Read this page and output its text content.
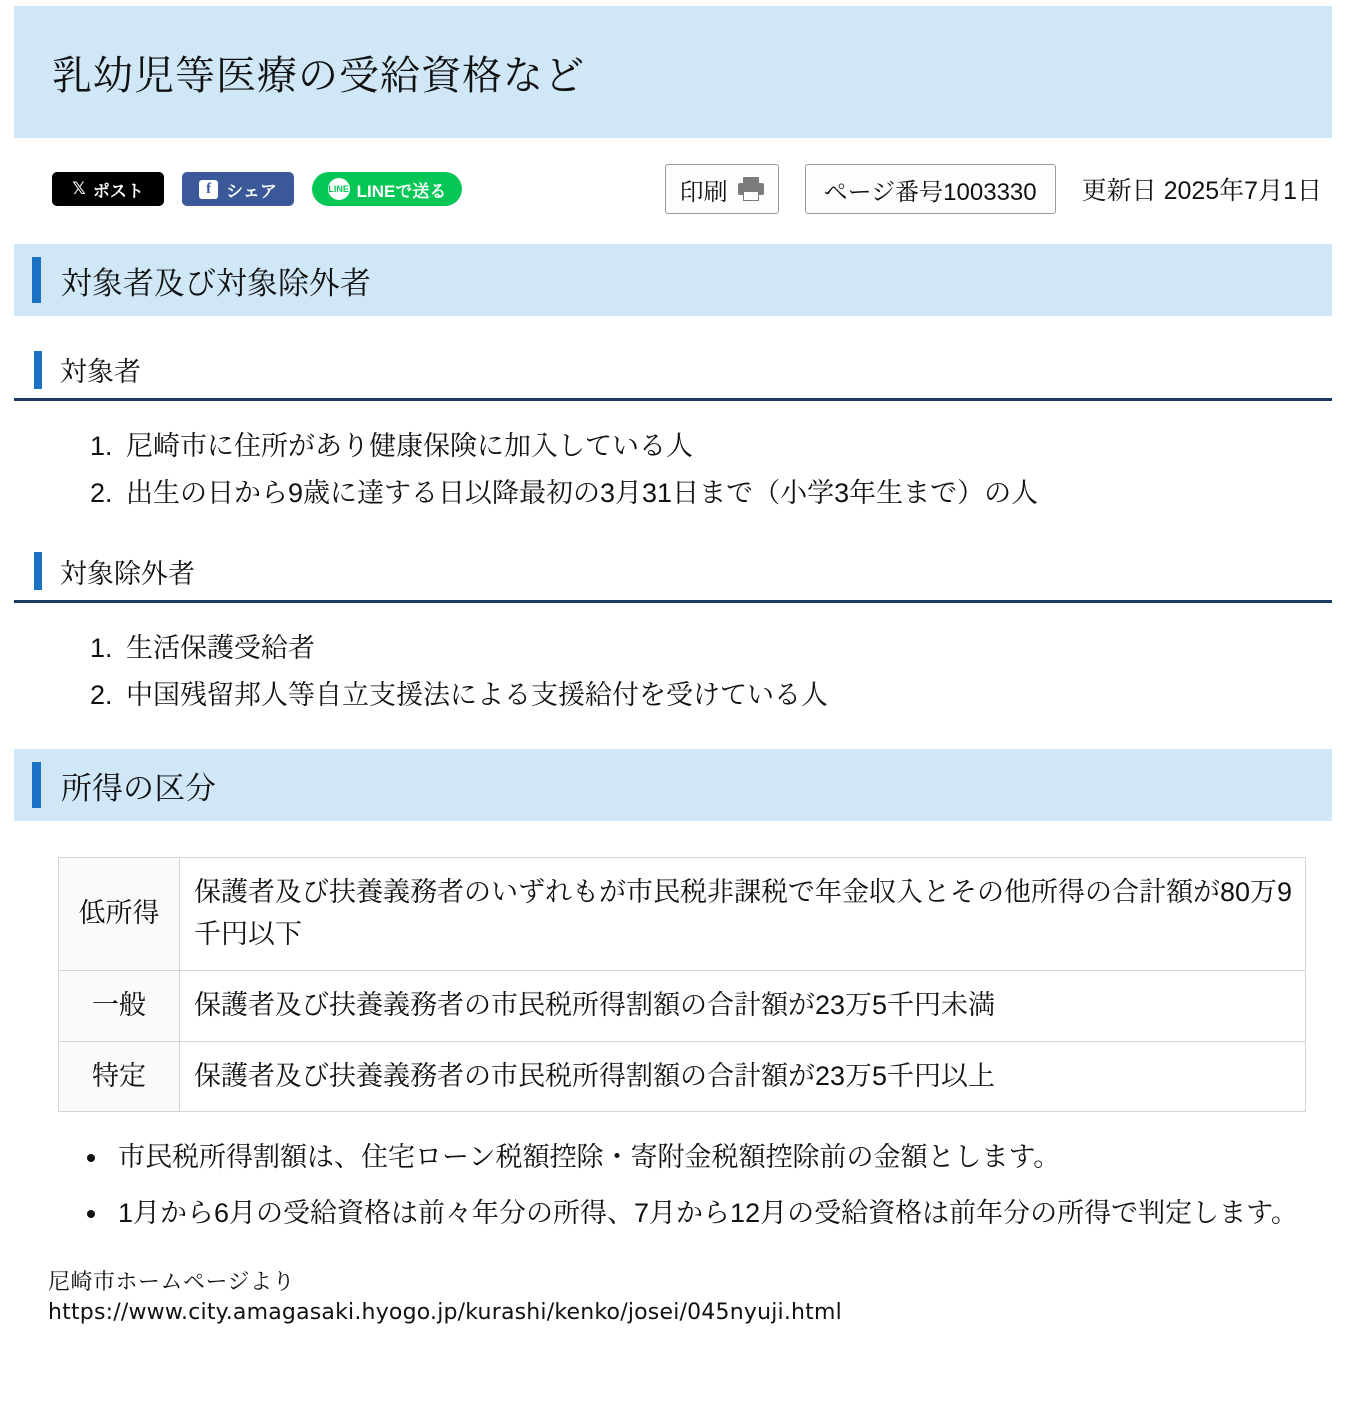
乳幼児等医療の受給資格など
𝕏 ポスト	f シェア	LINE LINEで送る	印刷	ページ番号1003330	更新日 2025年7月1日
対象者及び対象除外者
対象者
1. 尼崎市に住所があり健康保険に加入している人
2. 出生の日から9歳に達する日以降最初の3月31日まで（小学3年生まで）の人
対象除外者
1. 生活保護受給者
2. 中国残留邦人等自立支援法による支援給付を受けている人
所得の区分
低所得	保護者及び扶養義務者のいずれもが市民税非課税で年金収入とその他所得の合計額が80万9千円以下
一般	保護者及び扶養義務者の市民税所得割額の合計額が23万5千円未満
特定	保護者及び扶養義務者の市民税所得割額の合計額が23万5千円以上
• 市民税所得割額は、住宅ローン税額控除・寄附金税額控除前の金額とします。
• 1月から6月の受給資格は前々年分の所得、7月から12月の受給資格は前年分の所得で判定します。
尼崎市ホームページより
https://www.city.amagasaki.hyogo.jp/kurashi/kenko/josei/045nyuji.html
